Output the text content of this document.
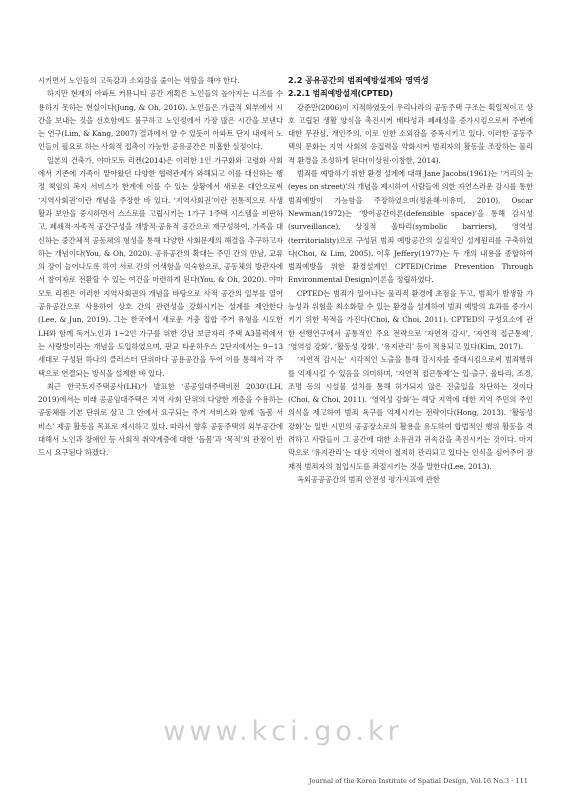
시키면서 노인들의 고독감과 소외감을 줄이는 역할을 해야 한다.

하지만 현재의 아파트 커뮤니티 공간 계획은 노인들의 높아지는 니즈를 수용하지 못하는 현실이다(Jung, & Oh, 2016). 노인들은 가급적 외부에서 시간을 보내는 것을 선호함에도 불구하고 노인정에서 가장 많은 시간을 보낸다는 연구(Lim, & Kang, 2007) 결과에서 알 수 있듯이 아파트 단지 내에서 노인들이 필요로 하는 사회적 접촉이 가능한 공유공간은 미흡한 실정이다.

일본의 건축가, 야마모토 리켄(2014)은 이러한 1인 가구화와 고령화 사회에서 기존에 가족이 맡아왔던 다양한 협력관계가 와해되고 이를 대신하는 행정 책임의 복지 서비스가 한계에 이를 수 있는 상황에서 새로운 대안으로써 ‘지역사회권’이란 개념을 주장한 바 있다. ‘지역사회권’이란 전통적으로 사생활과 보안을 중시하면서 스스로를 고립시키는 1가구 1주택 시스템을 비판하고, 폐쇄적·자족적 공간구성을 개방적·공유적 공간으로 재구성하여, 가족을 대신하는 중간체적 공동체의 형성을 통해 다양한 사회문제의 해결을 추구하고자 하는 개념이다(You, & Oh, 2020). 공유공간의 확대는 주민 간의 만남, 교류의 장이 늘어나도록 하여 서로 간의 어색함을 익숙함으로, 공동체의 방관자에서 참여자로 전환할 수 있는 여건을 마련하게 된다(You, & Oh, 2020). 야마모토 리켄은 이러한 지역사회권의 개념을 바탕으로 사적 공간의 일부를 열어 공유공간으로 사용하여 상호 간의 관련성을 강화시키는 설계를 제안한다(Lee, & Jun, 2019). 그는 한국에서 새로운 거충 집합 주거 유형을 시도한 LH와 함께 독거노인과 1~2인 가구를 위한 강남 보금자리 주택 A3블럭에서는 사랑방이라는 개념을 도입하였으며, 판교 타운하우스 2단지에서는 9~13세대로 구성된 하나의 클러스터 단위마다 공용공간을 두어 이를 통해서 각 주택으로 연결되는 방식을 설계한 바 있다.

최근 한국토지주택공사(LH)가 발표한 ‘공공임대주택비전 2030’(LH, 2019)에서는 미래 공공임대주택은 지역 사회 단위의 다양한 계층을 수용하는 공동체를 기본 단위로 삼고 그 안에서 요구되는 주거 서비스와 함께 ‘돌봄 서비스’ 제공 활동을 목표로 제시하고 있다. 따라서 향후 공동주택의 외부공간에 대해서 노인과 장애인 등 사회적 취약계층에 대한 ‘돌봄’과 ‘목적’의 관점이 반드시 요구된다 하겠다.

2.2 공유공간의 범죄예방설계와 영역성
2.2.1 범죄예방설계(CPTED)

강준만(2006)이 지적하였듯이 우리나라의 공동주택 구조는 획일적이고 상호 고립된 생활 양식을 촉진시켜 배타성과 폐쇄성을 증가시킴으로써 주변에 대한 무관심, 개인주의, 이로 인한 소외감을 증폭시키고 있다. 이러한 공동주택의 문화는 지역 사회의 응집력을 약화시켜 범죄자의 활동을 조장하는 물리적 환경을 조성하게 된다(이상원·이창한, 2014).

범죄를 예방하기 위한 환경 설계에 대해 Jane Jacobs(1961)는 ‘거리의 눈(eyes on street)’의 개념을 제시하여 사람들에 의한 자연스러운 감시를 통한 범죄예방이 가능함을 주장하였으며(정윤혜·이유미, 2010), Oscar Newman(1972)는 ‘방어공간이론(defensible space)’을 통해 감시성(surveillance), 상징적 울타리(symbolic barriers), 영역성(territoriality)으로 구성된 범죄 예방공간의 실질적인 설계원리를 구축하였다(Choi, & Lim, 2005). 이후 Jeffery(1977)는 두 개의 내용을 종합하여 범죄예방을 위한 환경설계인 CPTED(Crime Prevention Through Environmental Design)이론을 정립하였다.

CPTED는 범죄가 일어나는 물리적 환경에 초점을 두고, 범죄가 발생할 가능성과 위험을 최소화할 수 있는 환경을 설계하여 범죄 예방의 효과를 증가시키기 위한 목적을 가진다(Choi, & Choi, 2011). CPTED의 구성요소에 관한 선행연구에서 공통적인 주요 전략으로 ‘자연적 감시’, ‘자연적 접근통제’, ‘영역성 강화’, ‘활동성 강화’, ‘유지관리’ 등이 적용되고 있다(Kim, 2017).

‘자연적 감시는’ 시각적인 노출을 통해 감시자를 증대시킴으로써 범죄행위를 억제시킬 수 있음을 의미하며, ‘자연적 접근통제’는 입·출구, 울타리, 조경, 조명 등의 시설물 설치를 통해 허가되지 않은 진출입을 차단하는 것이다(Choi, & Choi, 2011). ‘영역성 강화’는 해당 지역에 대한 지역 주민의 주인의식을 제고하여 범죄 욕구를 억제시키는 전략이다(Hong, 2013). ‘활동성 강화’는 일반 시민의 공공장소로의 활용을 유도하여 합법적인 행위 활동을 격려하고 사람들이 그 공간에 대한 소유권과 귀속감을 촉진시키는 것이다. 마지막으로 ‘유지관리’는 대상 지역이 철저히 관리되고 있다는 인식을 심어주어 잠재적 범죄자의 침입시도를 좌절시키는 것을 말한다(Lee, 2013).

옥외공공공간의 범죄 안전성 평가지표에 관한

www.kci.go.kr
Journal of the Korea Institute of Spatial Design, Vol.16 No.3 · 111
